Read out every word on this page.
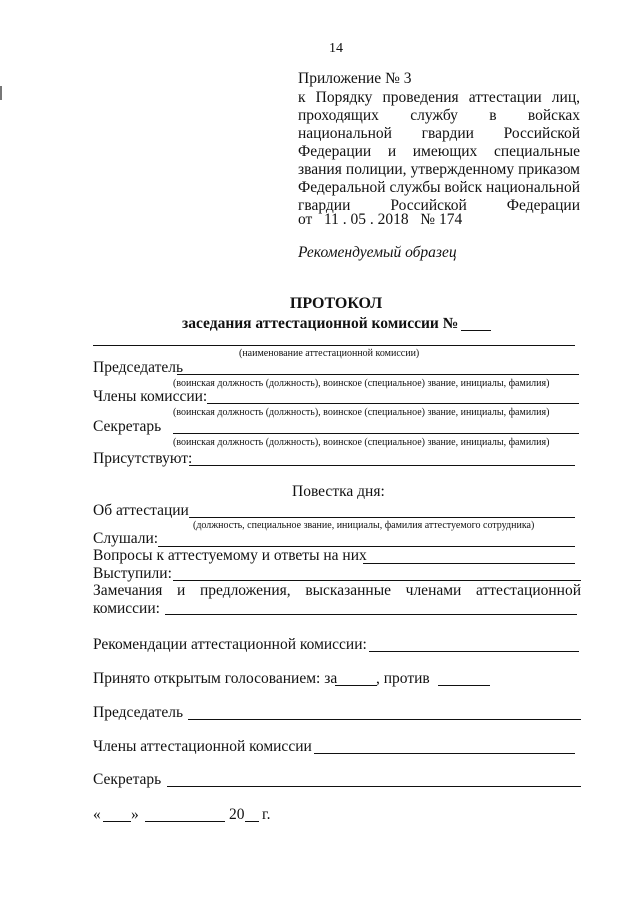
14
Приложение № 3
к Порядку проведения аттестации лиц, проходящих службу в войсках национальной гвардии Российской Федерации и имеющих специальные звания полиции, утвержденному приказом Федеральной службы войск национальной гвардии Российской Федерации
от 11 . 05 . 2018 № 174
Рекомендуемый образец
ПРОТОКОЛ
заседания аттестационной комиссии №
(наименование аттестационной комиссии)
Председатель
(воинская должность (должность), воинское (специальное) звание, инициалы, фамилия)
Члены комиссии:
(воинская должность (должность), воинское (специальное) звание, инициалы, фамилия)
Секретарь
(воинская должность (должность), воинское (специальное) звание, инициалы, фамилия)
Присутствуют:
Повестка дня:
Об аттестации
(должность, специальное звание, инициалы, фамилия аттестуемого сотрудника)
Слушали:
Вопросы к аттестуемому и ответы на них
Выступили:
Замечания и предложения, высказанные членами аттестационной
комиссии:
Рекомендации аттестационной комиссии:
Принято открытым голосованием: за	, против
Председатель
Члены аттестационной комиссии
Секретарь
« »	20 г.
